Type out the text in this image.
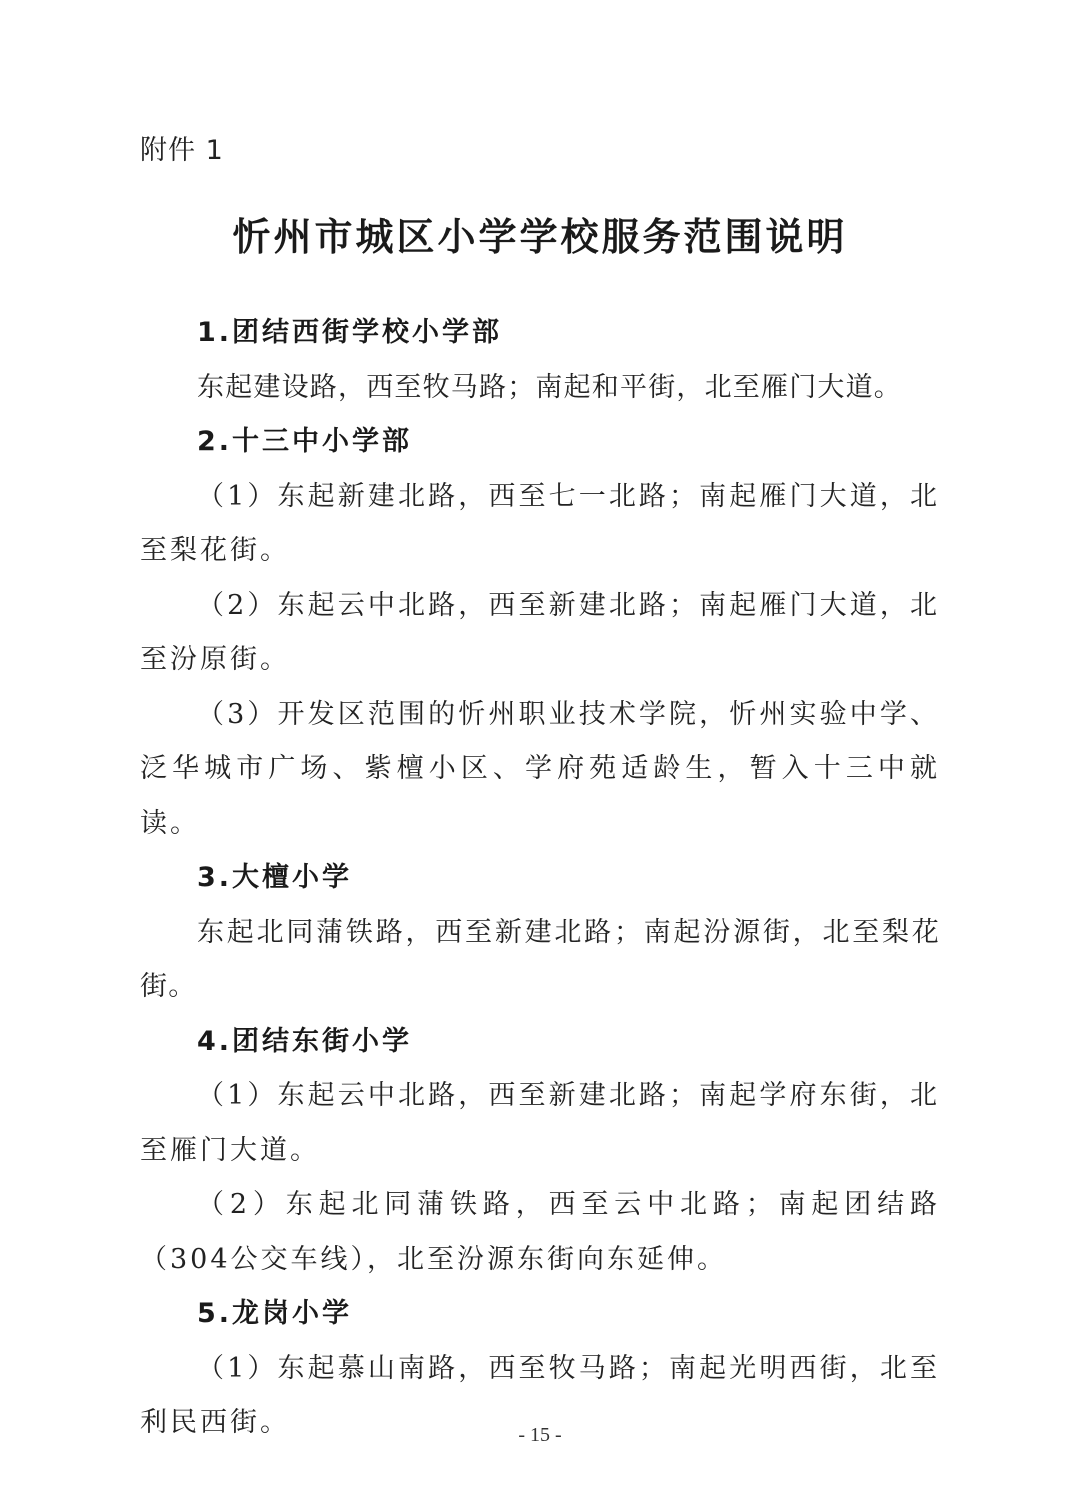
附件 1
忻州市城区小学学校服务范围说明

1.团结西街学校小学部

东起建设路，西至牧马路；南起和平街，北至雁门大道。

2.十三中小学部

（1）东起新建北路，西至七一北路；南起雁门大道，北至梨花街。

（2）东起云中北路，西至新建北路；南起雁门大道，北至汾原街。

（3）开发区范围的忻州职业技术学院，忻州实验中学、泛华城市广场、紫檀小区、学府苑适龄生，暂入十三中就读。

3.大檀小学

东起北同蒲铁路，西至新建北路；南起汾源街，北至梨花街。

4.团结东街小学

（1）东起云中北路，西至新建北路；南起学府东街，北至雁门大道。

（2）东起北同蒲铁路，西至云中北路；南起团结路（304公交车线），北至汾源东街向东延伸。

5.龙岗小学

（1）东起慕山南路，西至牧马路；南起光明西街，北至利民西街。	- 15 -
